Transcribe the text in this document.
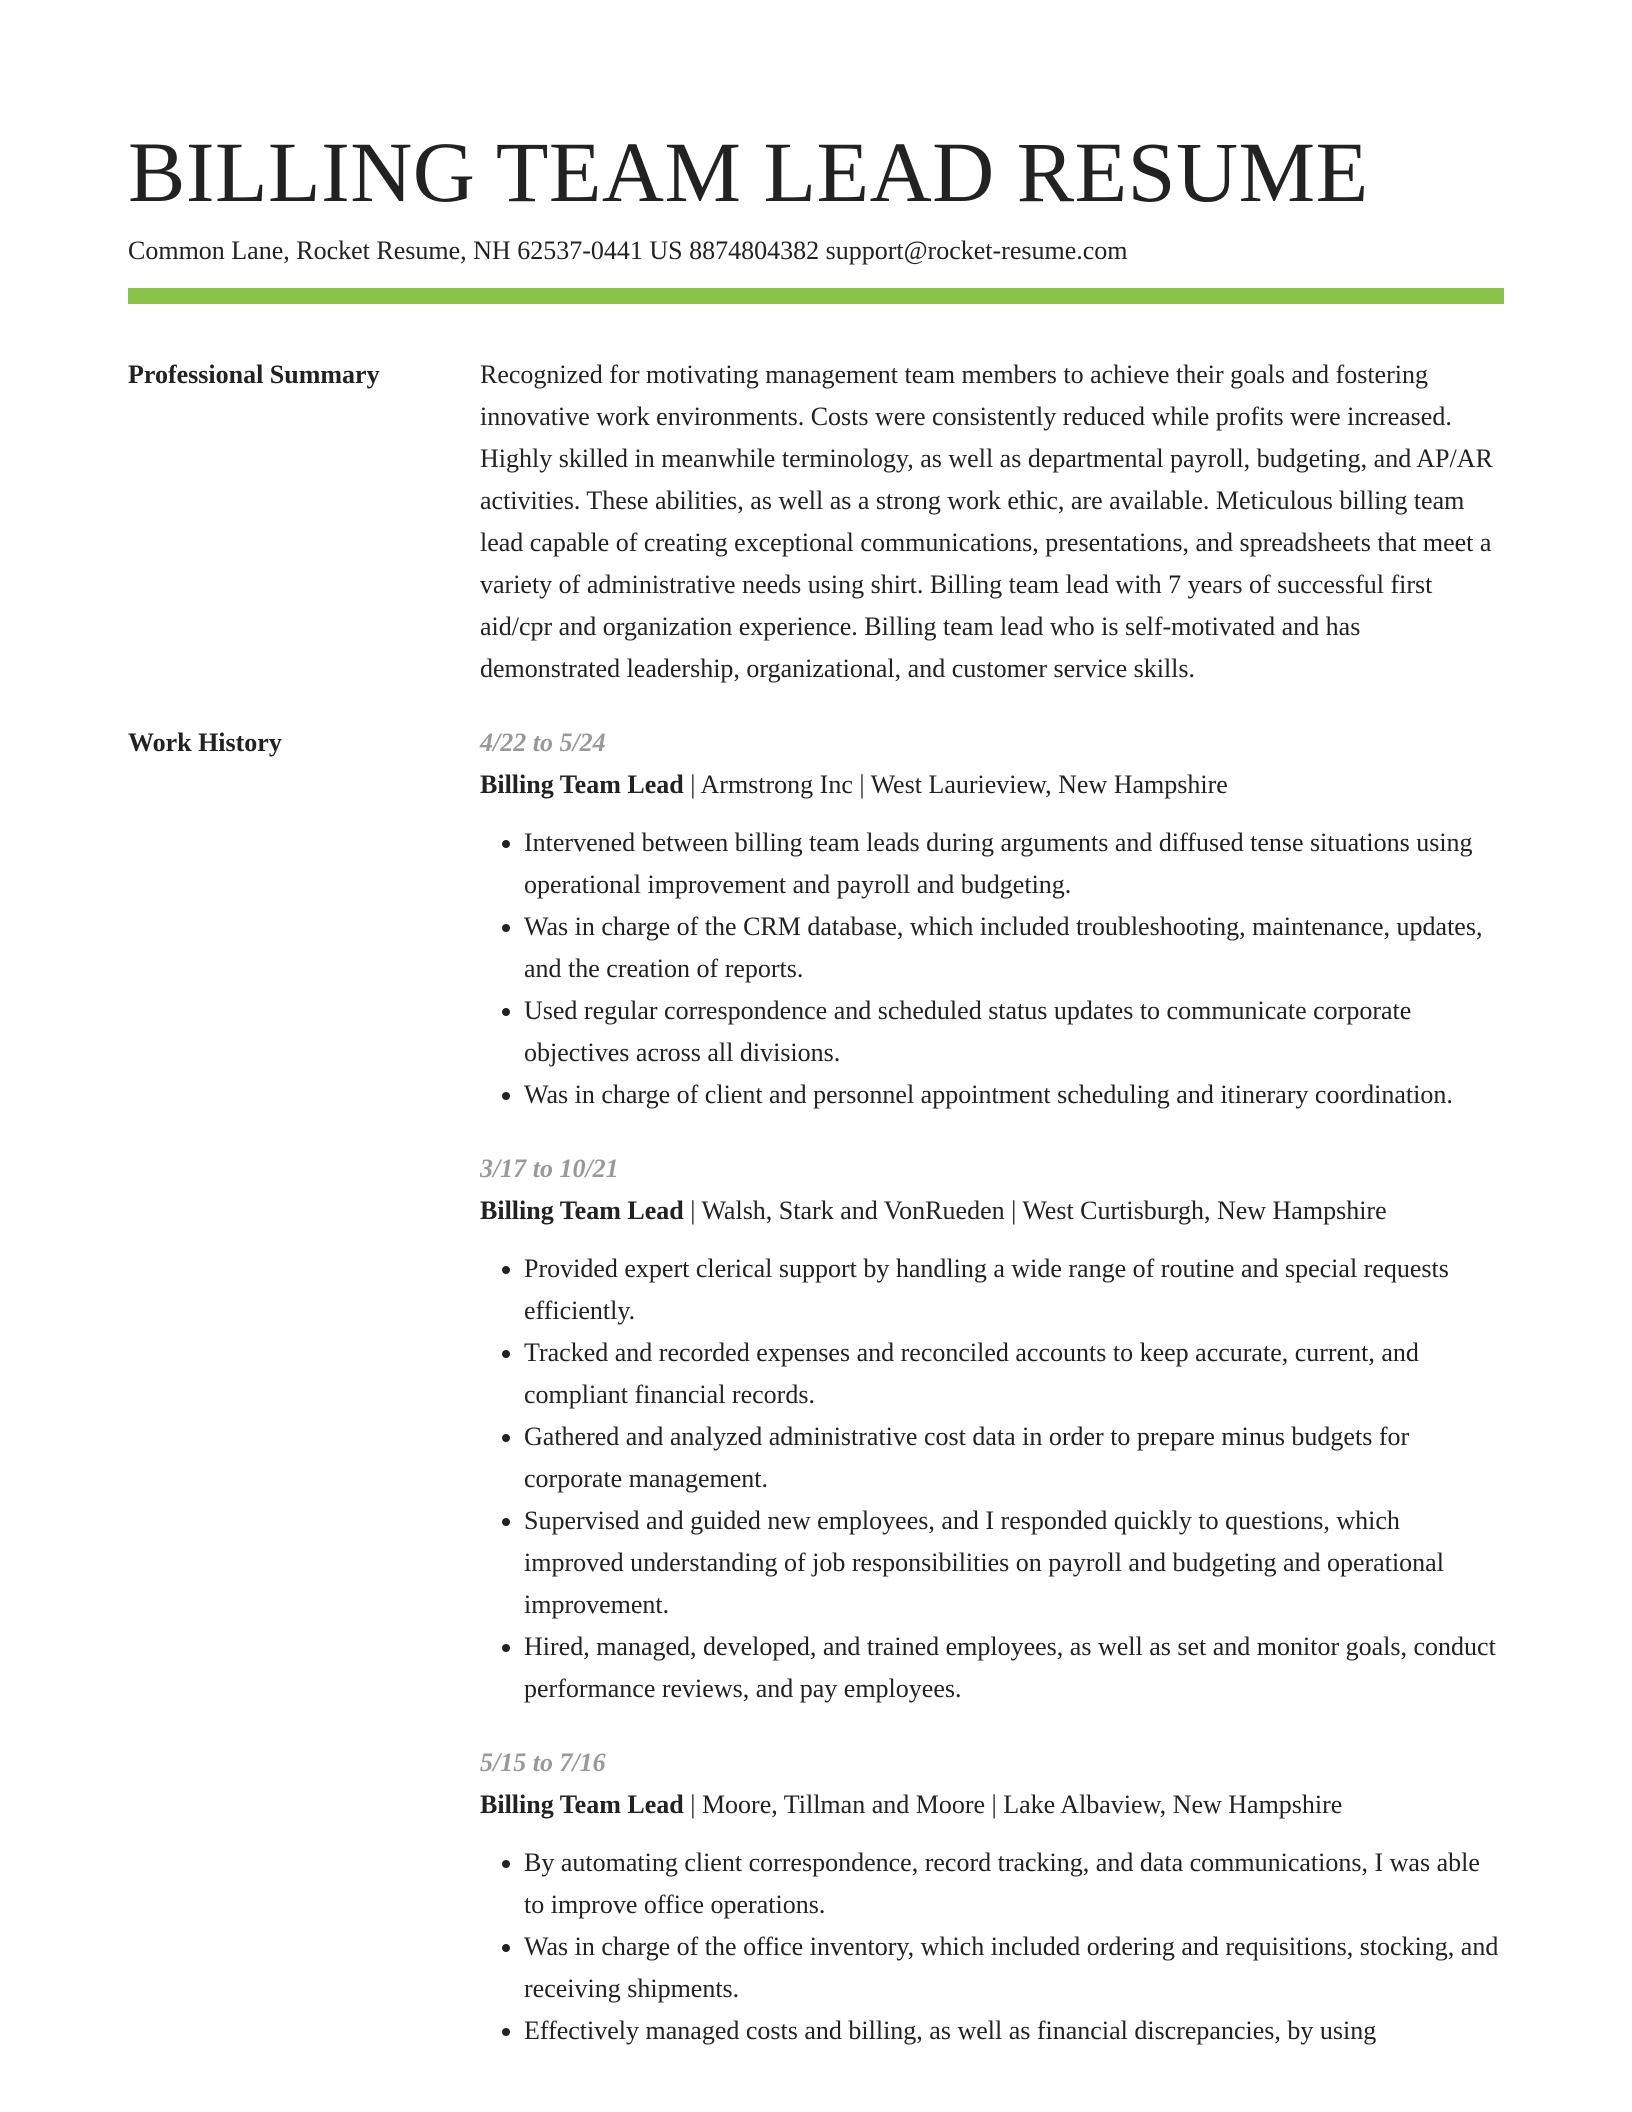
BILLING TEAM LEAD RESUME
Common Lane, Rocket Resume, NH 62537-0441 US 8874804382 support@rocket-resume.com
Professional Summary	Recognized for motivating management team members to achieve their goals and fostering innovative work environments. Costs were consistently reduced while profits were increased. Highly skilled in meanwhile terminology, as well as departmental payroll, budgeting, and AP/AR activities. These abilities, as well as a strong work ethic, are available. Meticulous billing team lead capable of creating exceptional communications, presentations, and spreadsheets that meet a variety of administrative needs using shirt. Billing team lead with 7 years of successful first aid/cpr and organization experience. Billing team lead who is self-motivated and has demonstrated leadership, organizational, and customer service skills.

Work History	4/22 to 5/24
Billing Team Lead | Armstrong Inc | West Laurieview, New Hampshire
• Intervened between billing team leads during arguments and diffused tense situations using operational improvement and payroll and budgeting.
• Was in charge of the CRM database, which included troubleshooting, maintenance, updates, and the creation of reports.
• Used regular correspondence and scheduled status updates to communicate corporate objectives across all divisions.
• Was in charge of client and personnel appointment scheduling and itinerary coordination.
3/17 to 10/21
Billing Team Lead | Walsh, Stark and VonRueden | West Curtisburgh, New Hampshire
• Provided expert clerical support by handling a wide range of routine and special requests efficiently.
• Tracked and recorded expenses and reconciled accounts to keep accurate, current, and compliant financial records.
• Gathered and analyzed administrative cost data in order to prepare minus budgets for corporate management.
• Supervised and guided new employees, and I responded quickly to questions, which improved understanding of job responsibilities on payroll and budgeting and operational improvement.
• Hired, managed, developed, and trained employees, as well as set and monitor goals, conduct performance reviews, and pay employees.
5/15 to 7/16
Billing Team Lead | Moore, Tillman and Moore | Lake Albaview, New Hampshire
• By automating client correspondence, record tracking, and data communications, I was able to improve office operations.
• Was in charge of the office inventory, which included ordering and requisitions, stocking, and receiving shipments.
• Effectively managed costs and billing, as well as financial discrepancies, by using
